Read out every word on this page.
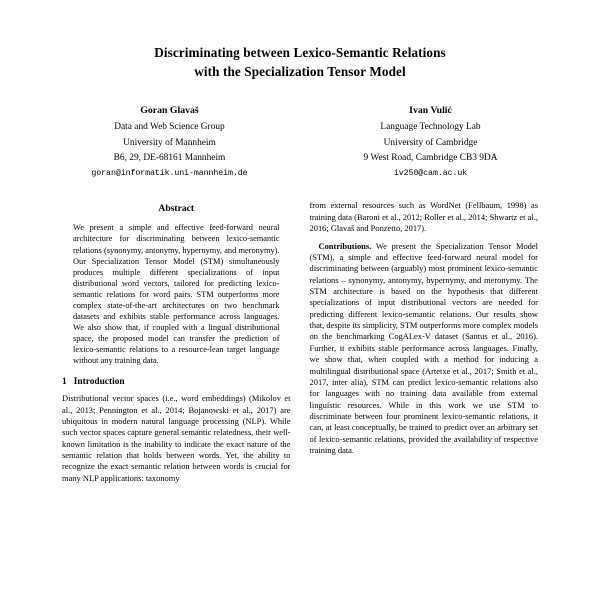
Discriminating between Lexico-Semantic Relations
with the Specialization Tensor Model
Goran Glavaš
Data and Web Science Group
University of Mannheim
B6, 29, DE-68161 Mannheim
goran@informatik.uni-mannheim.de
Ivan Vulić
Language Technology Lab
University of Cambridge
9 West Road, Cambridge CB3 9DA
iv250@cam.ac.uk
Abstract
We present a simple and effective feed-forward neural architecture for discriminating between lexico-semantic relations (synonymy, antonymy, hypernymy, and meronymy). Our Specialization Tensor Model (STM) simultaneously produces multiple different specializations of input distributional word vectors, tailored for predicting lexico-semantic relations for word pairs. STM outperforms more complex state-of-the-art architectures on two benchmark datasets and exhibits stable performance across languages. We also show that, if coupled with a lingual distributional space, the proposed model can transfer the prediction of lexico-semantic relations to a resource-lean target language without any training data.
1 Introduction

Distributional vector spaces (i.e., word embeddings) (Mikolov et al., 2013; Pennington et al., 2014; Bojanowski et al., 2017) are ubiquitous in modern natural language processing (NLP). While such vector spaces capture general semantic relatedness, their well-known limitation is the inability to indicate the exact nature of the semantic relation that holds between words. Yet, the ability to recognize the exact semantic relation between words is crucial for many NLP applications: taxonomy

from external resources such as WordNet (Fellbaum, 1998) as training data (Baroni et al., 2012; Roller et al., 2014; Shwartz et al., 2016; Glavaš and Ponzetto, 2017).

Contributions. We present the Specialization Tensor Model (STM), a simple and effective feed-forward neural model for discriminating between (arguably) most prominent lexico-semantic relations – synonymy, antonymy, hypernymy, and meronymy. The STM architecture is based on the hypothesis that different specializations of input distributional vectors are needed for predicting different lexico-semantic relations. Our results show that, despite its simplicity, STM outperforms more complex models on the benchmarking CogALex-V dataset (Santus et al., 2016). Further, it exhibits stable performance across languages. Finally, we show that, when coupled with a method for inducing a multilingual distributional space (Artetxe et al., 2017; Smith et al., 2017, inter alia), STM can predict lexico-semantic relations also for languages with no training data available from external linguistic resources. While in this work we use STM to discriminate between four prominent lexico-semantic relations, it can, at least conceptually, be trained to predict over an arbitrary set of lexico-semantic relations, provided the availability of respective training data.
